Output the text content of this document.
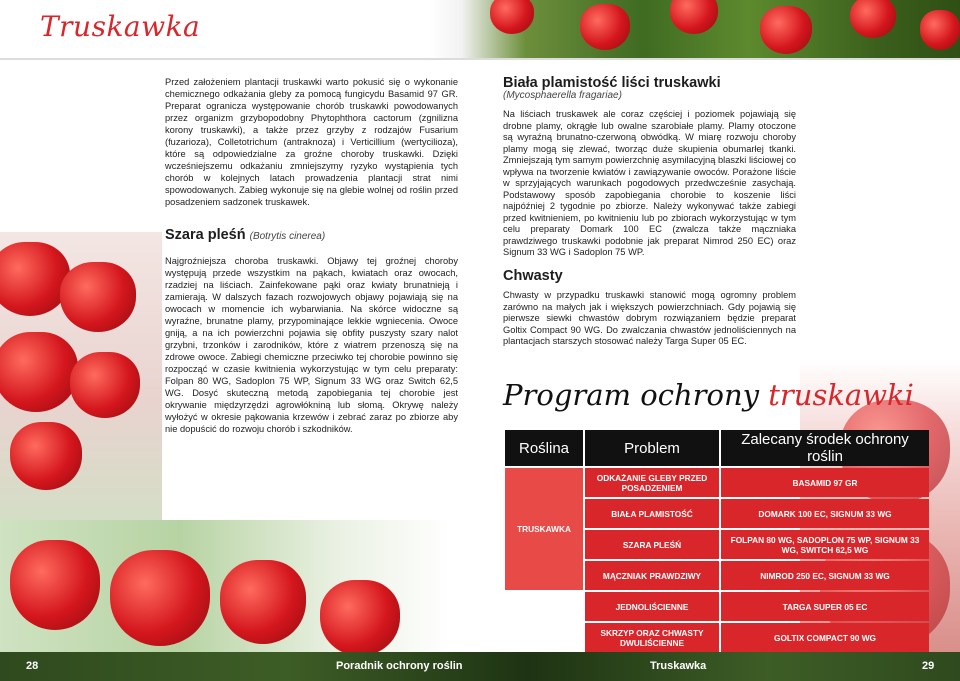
Truskawka

Przed założeniem plantacji truskawki warto pokusić się o wykonanie chemicznego odkażania gleby za pomocą fungicydu Basamid 97 GR. Preparat ogranicza występowanie chorób truskawki powodowanych przez organizm grzybopodobny Phytophthora cactorum (zgnilizna korony truskawki), a także przez grzyby z rodzajów Fusarium (fuzarioza), Colletotrichum (antraknoza) i Verticillium (wertycilioza), które są odpowiedzialne za groźne choroby truskawki. Dzięki wcześniejszemu odkażaniu zmniejszymy ryzyko wystąpienia tych chorób w kolejnych latach prowadzenia plantacji strat nimi spowodowanych. Zabieg wykonuje się na glebie wolnej od roślin przed posadzeniem sadzonek truskawek.

Szara pleśń (Botrytis cinerea)

Najgroźniejsza choroba truskawki. Objawy tej groźnej choroby występują przede wszystkim na pąkach, kwiatach oraz owocach, rzadziej na liściach. Zainfekowane pąki oraz kwiaty brunatnieją i zamierają. W dalszych fazach rozwojowych objawy pojawiają się na owocach w momencie ich wybarwiania. Na skórce widoczne są wyraźne, brunatne plamy, przypominające lekkie wgniecenia. Owoce gniją, a na ich powierzchni pojawia się obfity puszysty szary nalot grzybni, trzonków i zarodników, które z wiatrem przenoszą się na zdrowe owoce. Zabiegi chemiczne przeciwko tej chorobie powinno się rozpocząć w czasie kwitnienia wykorzystując w tym celu preparaty: Folpan 80 WG, Sadoplon 75 WP, Signum 33 WG oraz Switch 62,5 WG. Dosyć skuteczną metodą zapobiegania tej chorobie jest okrywanie międzyrzędzi agrowłókniną lub słomą. Okrywę należy wyłożyć w okresie pąkowania krzewów i zebrać zaraz po zbiorze aby nie dopuścić do rozwoju chorób i szkodników.

Biała plamistość liści truskawki
(Mycosphaerella fragariae)

Na liściach truskawek ale coraz częściej i poziomek pojawiają się drobne plamy, okrągłe lub owalne szarobiałe plamy. Plamy otoczone są wyraźną brunatno-czerwoną obwódką. W miarę rozwoju choroby plamy mogą się zlewać, tworząc duże skupienia obumarłej tkanki. Zmniejszają tym samym powierzchnię asymilacyjną blaszki liściowej co wpływa na tworzenie kwiatów i zawiązywanie owoców. Porażone liście w sprzyjających warunkach pogodowych przedwcześnie zasychają. Podstawowy sposób zapobiegania chorobie to koszenie liści najpóźniej 2 tygodnie po zbiorze. Należy wykonywać także zabiegi przed kwitnieniem, po kwitnieniu lub po zbiorach wykorzystując w tym celu preparaty Domark 100 EC (zwalcza także mączniaka prawdziwego truskawki podobnie jak preparat Nimrod 250 EC) oraz Signum 33 WG i Sadoplon 75 WP.

Chwasty

Chwasty w przypadku truskawki stanowić mogą ogromny problem zarówno na małych jak i większych powierzchniach. Gdy pojawią się pierwsze siewki chwastów dobrym rozwiązaniem będzie preparat Goltix Compact 90 WG. Do zwalczania chwastów jednoliściennych na plantacjach starszych stosować należy Targa Super 05 EC.

Program ochrony truskawki
Roślina	Problem	Zalecany środek ochrony roślin
TRUSKAWKA	ODKAŻANIE GLEBY PRZED POSADZENIEM	BASAMID 97 GR
	BIAŁA PLAMISTOŚĆ	DOMARK 100 EC, SIGNUM 33 WG
	SZARA PLEŚŃ	FOLPAN 80 WG, SADOPLON 75 WP, SIGNUM 33 WG, SWITCH 62,5 WG
	MĄCZNIAK PRAWDZIWY	NIMROD 250 EC, SIGNUM 33 WG
	JEDNOLIŚCIENNE	TARGA SUPER 05 EC
	SKRZYP ORAZ CHWASTY DWULIŚCIENNE	GOLTIX COMPACT 90 WG
28	Poradnik ochrony roślin	Truskawka	29
